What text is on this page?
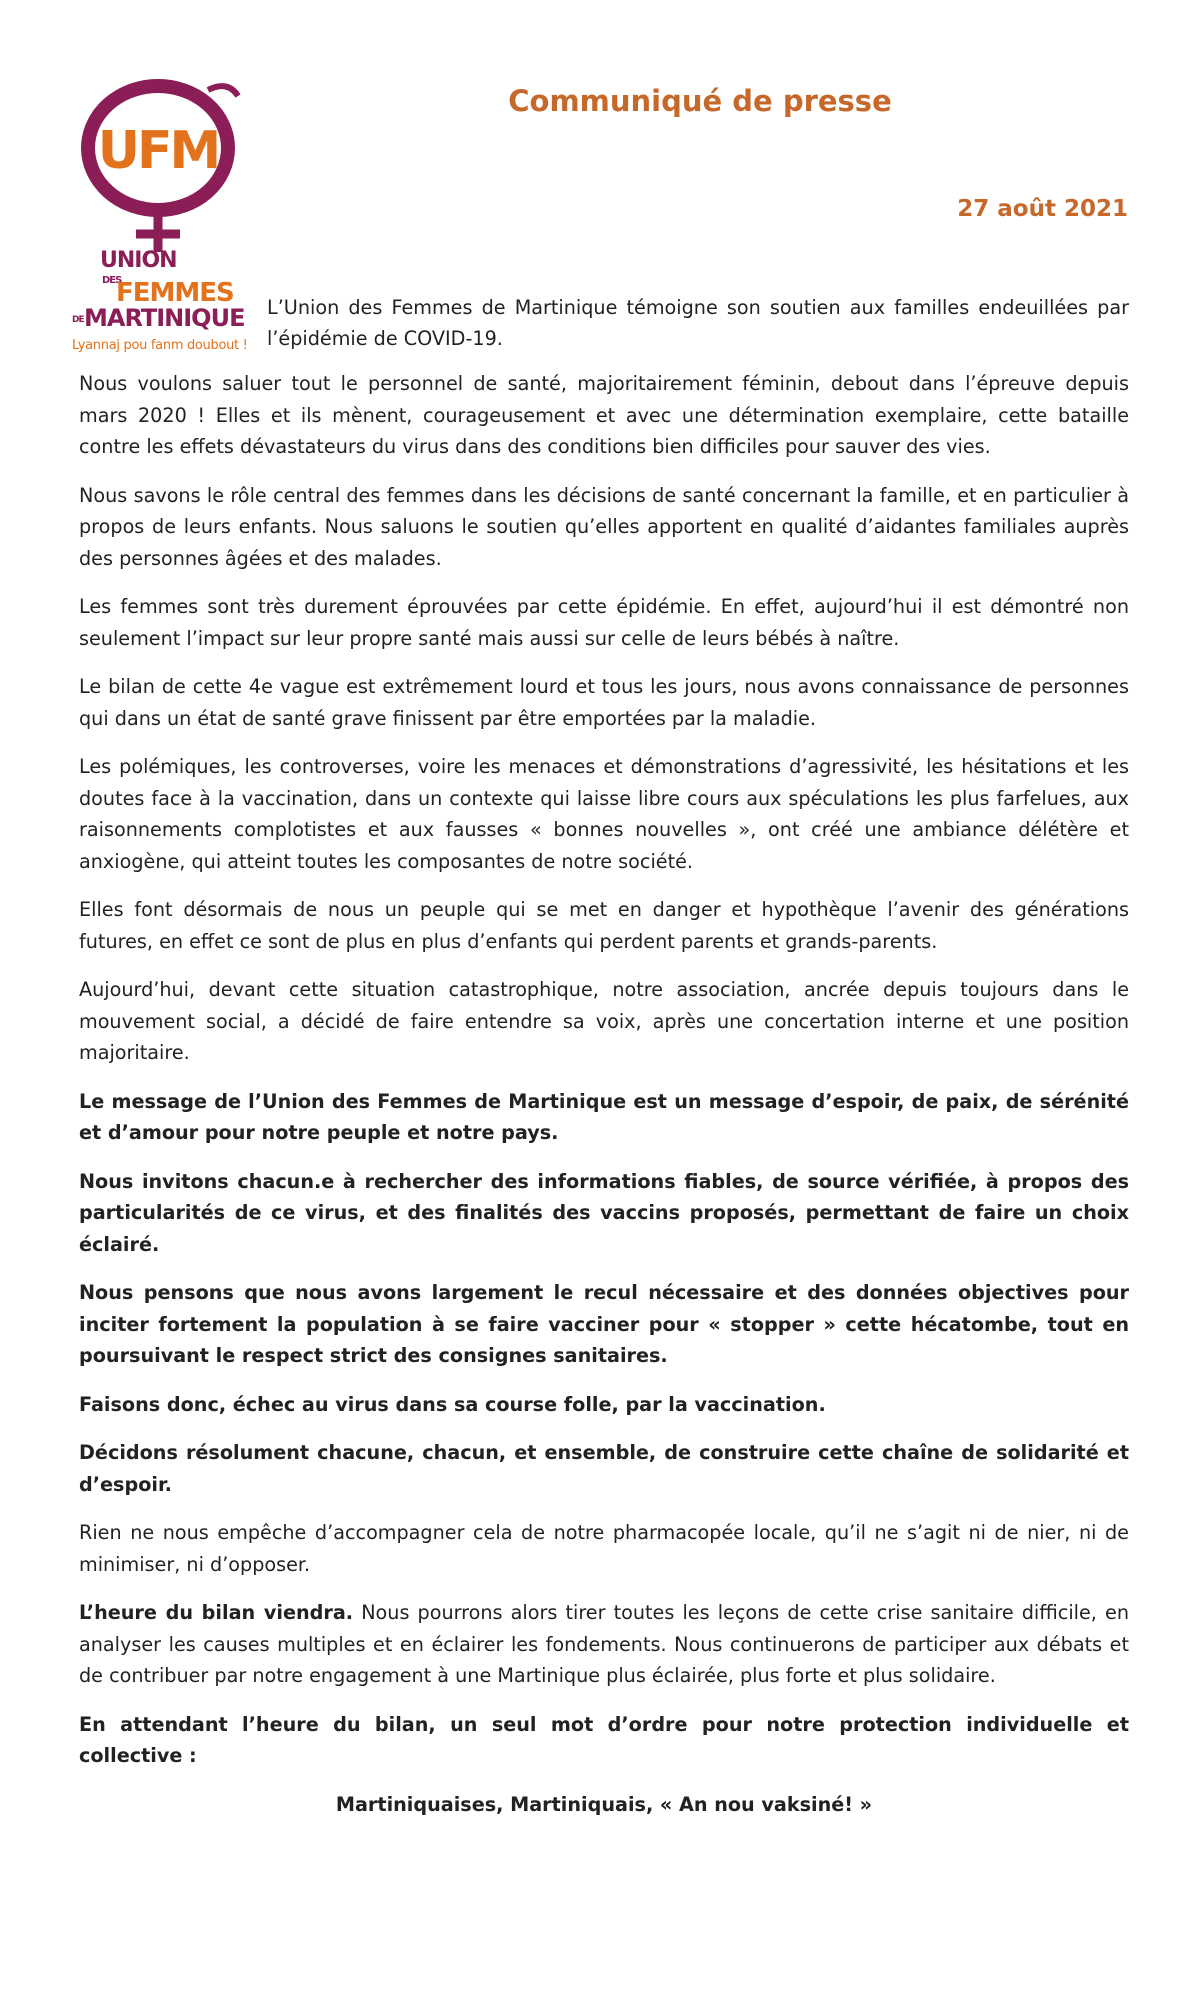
UFM
UNION
DES
FEMMES
DE MARTINIQUE
Lyannaj pou fanm doubout !
Communiqué de presse

27 août 2021

L’Union des Femmes de Martinique témoigne son soutien aux familles endeuillées par l’épidémie de COVID-19.

Nous voulons saluer tout le personnel de santé, majoritairement féminin, debout dans l’épreuve depuis mars 2020 ! Elles et ils mènent, courageusement et avec une détermination exemplaire, cette bataille contre les effets dévastateurs du virus dans des conditions bien difficiles pour sauver des vies.

Nous savons le rôle central des femmes dans les décisions de santé concernant la famille, et en particulier à propos de leurs enfants. Nous saluons le soutien qu’elles apportent en qualité d’aidantes familiales auprès des personnes âgées et des malades.

Les femmes sont très durement éprouvées par cette épidémie. En effet, aujourd’hui il est démontré non seulement l’impact sur leur propre santé mais aussi sur celle de leurs bébés à naître.

Le bilan de cette 4e vague est extrêmement lourd et tous les jours, nous avons connaissance de personnes qui dans un état de santé grave finissent par être emportées par la maladie.

Les polémiques, les controverses, voire les menaces et démonstrations d’agressivité, les hésitations et les doutes face à la vaccination, dans un contexte qui laisse libre cours aux spéculations les plus farfelues, aux raisonnements complotistes et aux fausses « bonnes nouvelles », ont créé une ambiance délétère et anxiogène, qui atteint toutes les composantes de notre société.

Elles font désormais de nous un peuple qui se met en danger et hypothèque l’avenir des générations futures, en effet ce sont de plus en plus d’enfants qui perdent parents et grands-parents.

Aujourd’hui, devant cette situation catastrophique, notre association, ancrée depuis toujours dans le mouvement social, a décidé de faire entendre sa voix, après une concertation interne et une position majoritaire.

Le message de l’Union des Femmes de Martinique est un message d’espoir, de paix, de sérénité et d’amour pour notre peuple et notre pays.

Nous invitons chacun.e à rechercher des informations fiables, de source vérifiée, à propos des particularités de ce virus, et des finalités des vaccins proposés, permettant de faire un choix éclairé.

Nous pensons que nous avons largement le recul nécessaire et des données objectives pour inciter fortement la population à se faire vacciner pour « stopper » cette hécatombe, tout en poursuivant le respect strict des consignes sanitaires.

Faisons donc, échec au virus dans sa course folle, par la vaccination.

Décidons résolument chacune, chacun, et ensemble, de construire cette chaîne de solidarité et d’espoir.

Rien ne nous empêche d’accompagner cela de notre pharmacopée locale, qu’il ne s’agit ni de nier, ni de minimiser, ni d’opposer.

L’heure du bilan viendra. Nous pourrons alors tirer toutes les leçons de cette crise sanitaire difficile, en analyser les causes multiples et en éclairer les fondements. Nous continuerons de participer aux débats et de contribuer par notre engagement à une Martinique plus éclairée, plus forte et plus solidaire.

En attendant l’heure du bilan, un seul mot d’ordre pour notre protection individuelle et collective :

Martiniquaises, Martiniquais, « An nou vaksiné! »
